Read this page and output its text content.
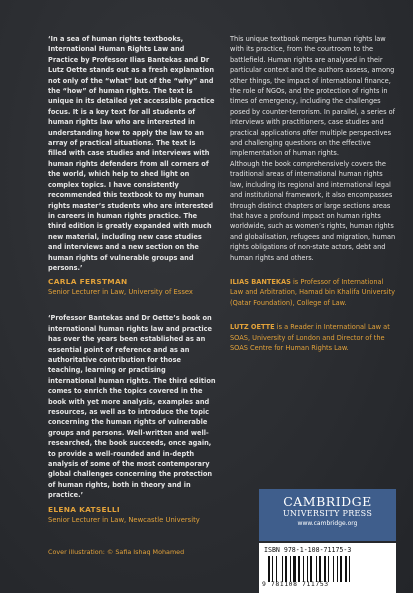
‘In a sea of human rights textbooks, International Human Rights Law and Practice by Professor Ilias Bantekas and Dr Lutz Oette stands out as a fresh explanation not only of the “what” but of the “why” and the “how” of human rights. The text is unique in its detailed yet accessible practice focus. It is a key text for all students of human rights law who are interested in understanding how to apply the law to an array of practical situations. The text is filled with case studies and interviews with human rights defenders from all corners of the world, which help to shed light on complex topics. I have consistently recommended this textbook to my human rights master’s students who are interested in careers in human rights practice. The third edition is greatly expanded with much new material, including new case studies and interviews and a new section on the human rights of vulnerable groups and persons.’

CARLA FERSTMAN
Senior Lecturer in Law, University of Essex

‘Professor Bantekas and Dr Oette’s book on international human rights law and practice has over the years been established as an essential point of reference and as an authoritative contribution for those teaching, learning or practising international human rights. The third edition comes to enrich the topics covered in the book with yet more analysis, examples and resources, as well as to introduce the topic concerning the human rights of vulnerable groups and persons. Well-written and well-researched, the book succeeds, once again, to provide a well-rounded and in-depth analysis of some of the most contemporary global challenges concerning the protection of human rights, both in theory and in practice.’

ELENA KATSELLI
Senior Lecturer in Law, Newcastle University

This unique textbook merges human rights law with its practice, from the courtroom to the battlefield. Human rights are analysed in their particular context and the authors assess, among other things, the impact of international finance, the role of NGOs, and the protection of rights in times of emergency, including the challenges posed by counter-terrorism. In parallel, a series of interviews with practitioners, case studies and practical applications offer multiple perspectives and challenging questions on the effective implementation of human rights.

Although the book comprehensively covers the traditional areas of international human rights law, including its regional and international legal and institutional framework, it also encompasses through distinct chapters or large sections areas that have a profound impact on human rights worldwide, such as women’s rights, human rights and globalisation, refugees and migration, human rights obligations of non-state actors, debt and human rights and others.

ILIAS BANTEKAS is Professor of International Law and Arbitration, Hamad bin Khalifa University (Qatar Foundation), College of Law.
LUTZ OETTE is a Reader in International Law at SOAS, University of London and Director of the SOAS Centre for Human Rights Law.
Cover illustration: © Safia Ishaq Mohamed
CAMBRIDGE
UNIVERSITY PRESS
www.cambridge.org
ISBN 978-1-108-71175-3
9 781108 711753
